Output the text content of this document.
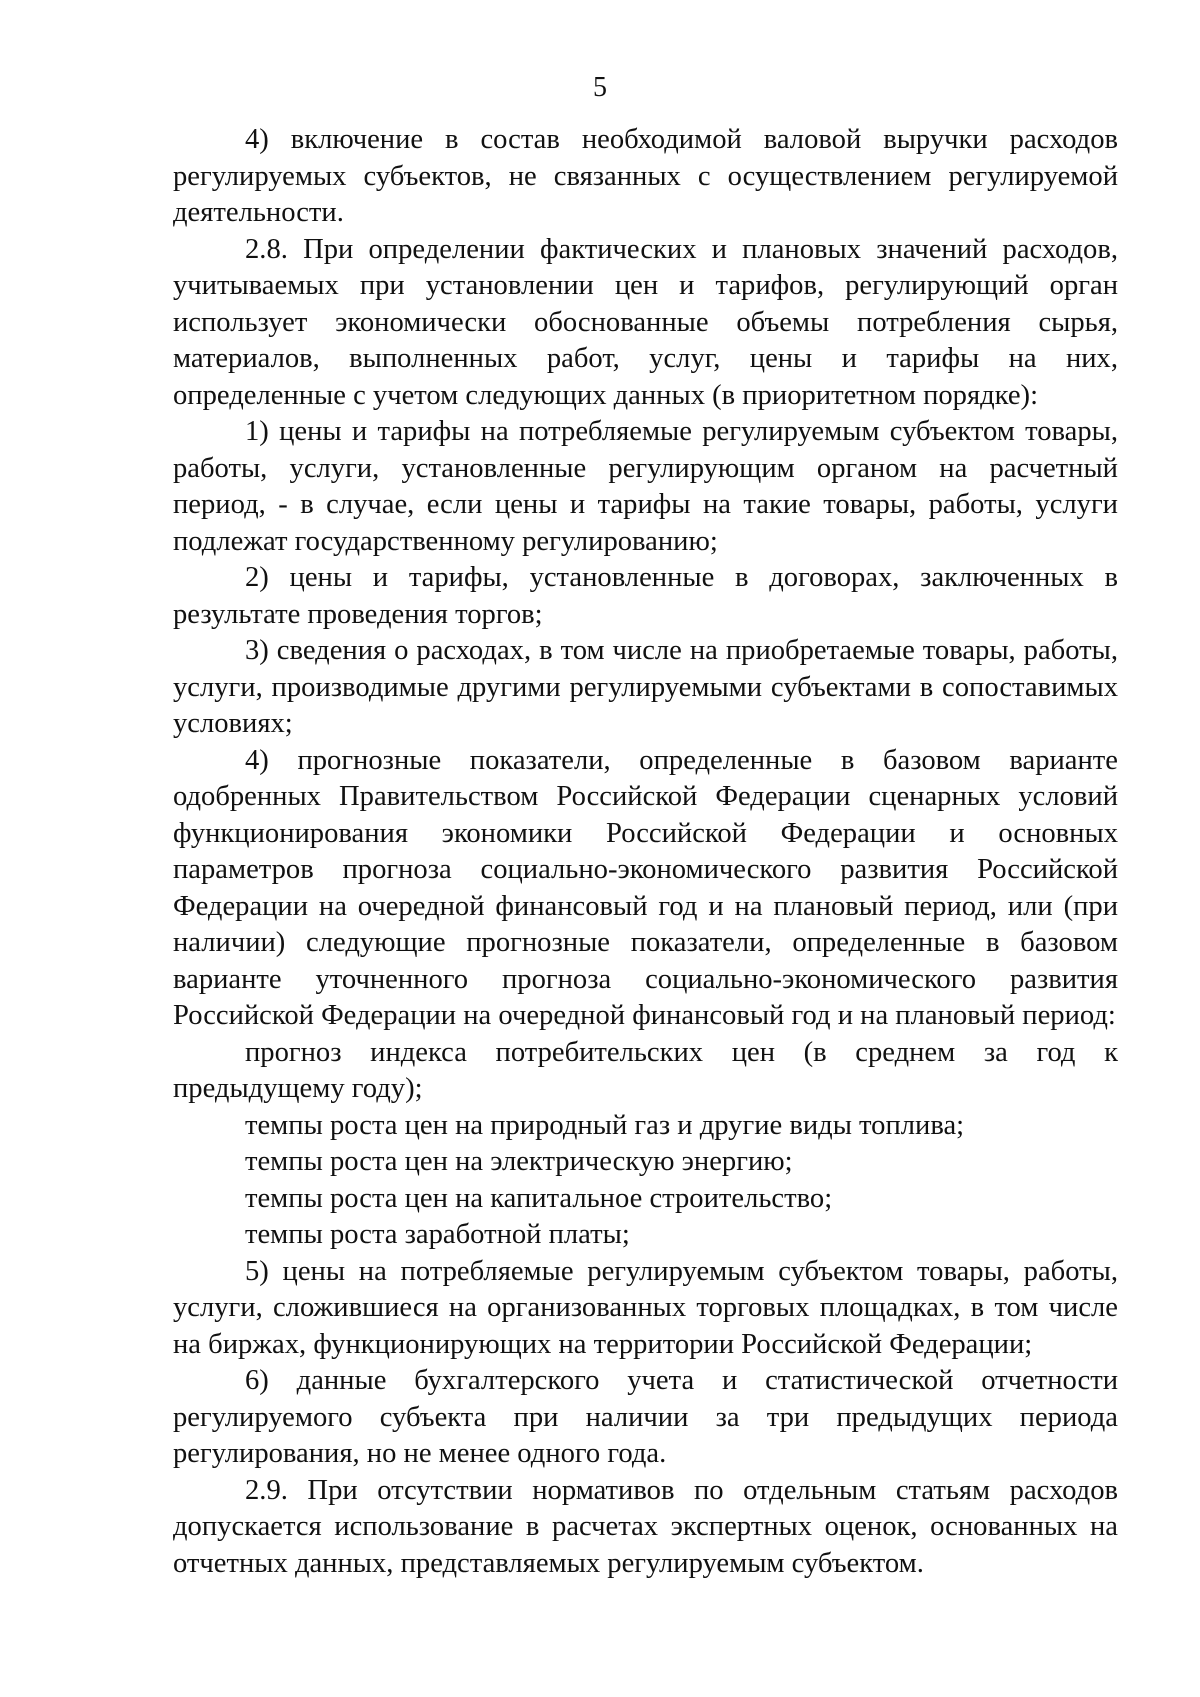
5

4) включение в состав необходимой валовой выручки расходов регулируемых субъектов, не связанных с осуществлением регулируемой деятельности.

2.8. При определении фактических и плановых значений расходов, учитываемых при установлении цен и тарифов, регулирующий орган использует экономически обоснованные объемы потребления сырья, материалов, выполненных работ, услуг, цены и тарифы на них, определенные с учетом следующих данных (в приоритетном порядке):

1) цены и тарифы на потребляемые регулируемым субъектом товары, работы, услуги, установленные регулирующим органом на расчетный период, - в случае, если цены и тарифы на такие товары, работы, услуги подлежат государственному регулированию;

2) цены и тарифы, установленные в договорах, заключенных в результате проведения торгов;

3) сведения о расходах, в том числе на приобретаемые товары, работы, услуги, производимые другими регулируемыми субъектами в сопоставимых условиях;

4) прогнозные показатели, определенные в базовом варианте одобренных Правительством Российской Федерации сценарных условий функционирования экономики Российской Федерации и основных параметров прогноза социально-экономического развития Российской Федерации на очередной финансовый год и на плановый период, или (при наличии) следующие прогнозные показатели, определенные в базовом варианте уточненного прогноза социально-экономического развития Российской Федерации на очередной финансовый год и на плановый период:

прогноз индекса потребительских цен (в среднем за год к предыдущему году);

темпы роста цен на природный газ и другие виды топлива;

темпы роста цен на электрическую энергию;

темпы роста цен на капитальное строительство;

темпы роста заработной платы;

5) цены на потребляемые регулируемым субъектом товары, работы, услуги, сложившиеся на организованных торговых площадках, в том числе на биржах, функционирующих на территории Российской Федерации;

6) данные бухгалтерского учета и статистической отчетности регулируемого субъекта при наличии за три предыдущих периода регулирования, но не менее одного года.

2.9. При отсутствии нормативов по отдельным статьям расходов допускается использование в расчетах экспертных оценок, основанных на отчетных данных, представляемых регулируемым субъектом.
